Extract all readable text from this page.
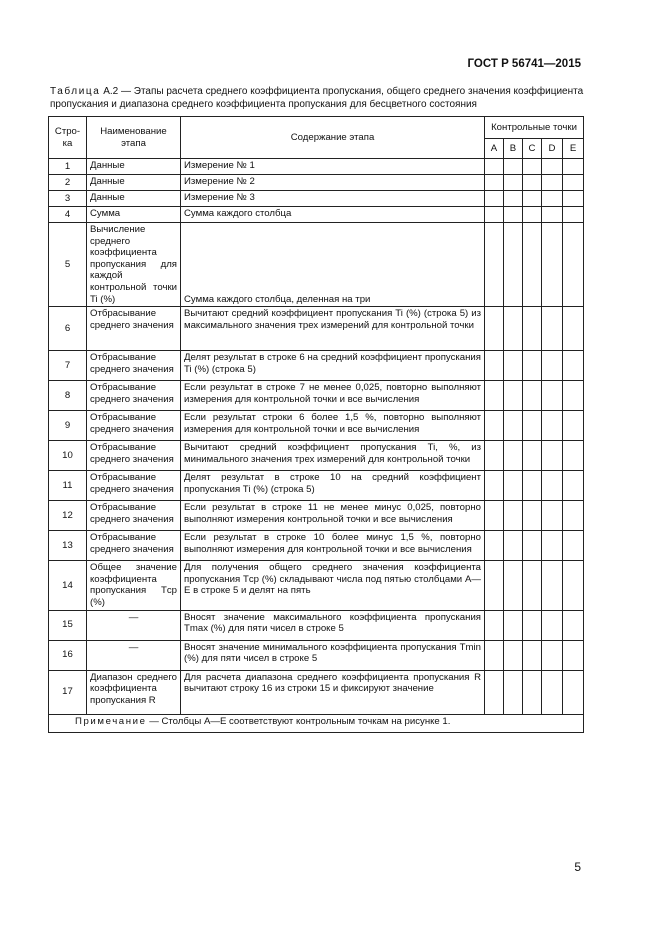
ГОСТ Р 56741—2015
Таблица А.2 — Этапы расчета среднего коэффициента пропускания, общего среднего значения коэффициента пропускания и диапазона среднего коэффициента пропускания для бесцветного состояния
Стро-ка	Наименование этапа	Содержание этапа	Контрольные точки				
			A	B	C	D	E
1	Данные	Измерение № 1					
2	Данные	Измерение № 2					
3	Данные	Измерение № 3					
4	Сумма	Сумма каждого столбца					
5	Вычисление среднего коэффициента пропускания для каждой контрольной точки Ti (%)	Сумма каждого столбца, деленная на три					
6	Отбрасывание среднего значения	Вычитают средний коэффициент пропускания Ti (%) (строка 5) из максимального значения трех измерений для контрольной точки					
7	Отбрасывание среднего значения	Делят результат в строке 6 на средний коэффициент пропускания Ti (%) (строка 5)					
8	Отбрасывание среднего значения	Если результат в строке 7 не менее 0,025, повторно выполняют измерения для контрольной точки и все вычисления					
9	Отбрасывание среднего значения	Если результат строки 6 более 1,5 %, повторно выполняют измерения для контрольной точки и все вычисления					
10	Отбрасывание среднего значения	Вычитают средний коэффициент пропускания Ti, %, из минимального значения трех измерений для контрольной точки					
11	Отбрасывание среднего значения	Делят результат в строке 10 на средний коэффициент пропускания Ti (%) (строка 5)					
12	Отбрасывание среднего значения	Если результат в строке 11 не менее минус 0,025, повторно выполняют измерения контрольной точки и все вычисления					
13	Отбрасывание среднего значения	Если результат в строке 10 более минус 1,5 %, повторно выполняют измерения для контрольной точки и все вычисления					
14	Общее значение коэффициента пропускания Tср (%)	Для получения общего среднего значения коэффициента пропускания Tср (%) складывают числа под пятью столбцами A—E в строке 5 и делят на пять					
15	—	Вносят значение максимального коэффициента пропускания Tmax (%) для пяти чисел в строке 5					
16	—	Вносят значение минимального коэффициента пропускания Tmin (%) для пяти чисел в строке 5					
17	Диапазон среднего коэффициента пропускания R	Для расчета диапазона среднего коэффициента пропускания R вычитают строку 16 из строки 15 и фиксируют значение					
Примечание — Столбцы A—E соответствуют контрольным точкам на рисунке 1.							
5
